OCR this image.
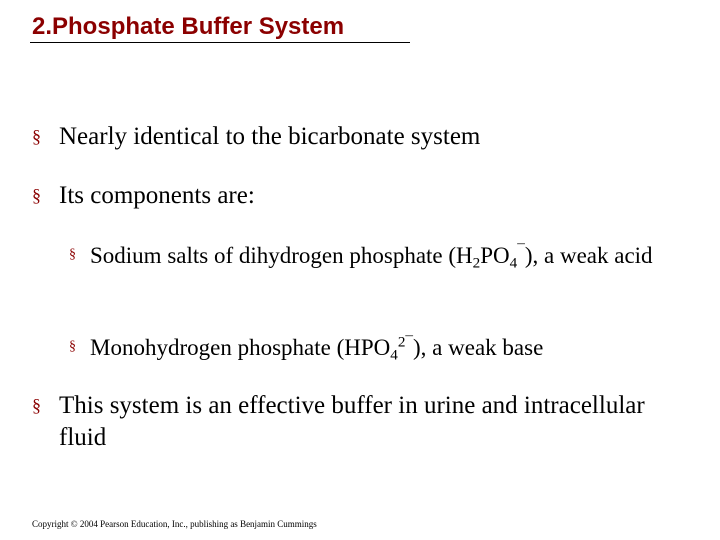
2.Phosphate Buffer System
§ Nearly identical to the bicarbonate system
§ Its components are:
§ Sodium salts of dihydrogen phosphate $(H_2PO_4^¯)$, a weak acid
§ Monohydrogen phosphate $(HPO_4^{2¯})$, a weak base
§ This system is an effective buffer in urine and intracellular fluid
Copyright © 2004 Pearson Education, Inc., publishing as Benjamin Cummings
